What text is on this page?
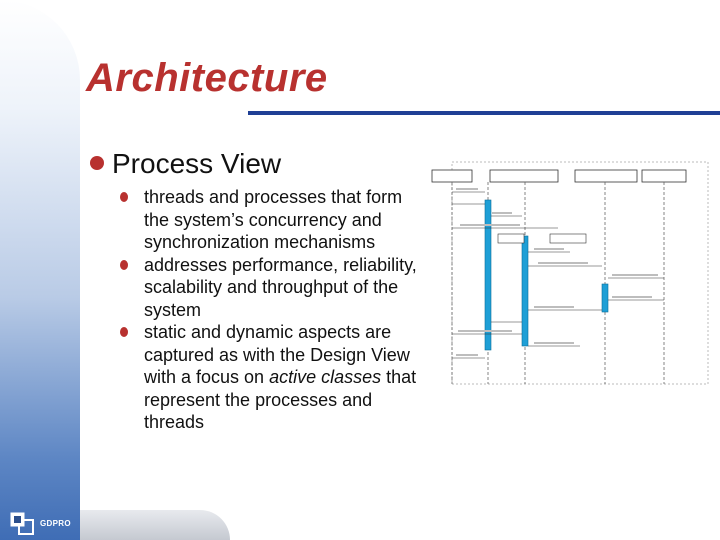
Architecture
Process View
threads and processes that form the system’s concurrency and synchronization mechanisms
addresses performance, reliability, scalability and throughput of the system
static and dynamic aspects are captured as with the Design View with a focus on active classes that represent the processes and threads
GDPRO
